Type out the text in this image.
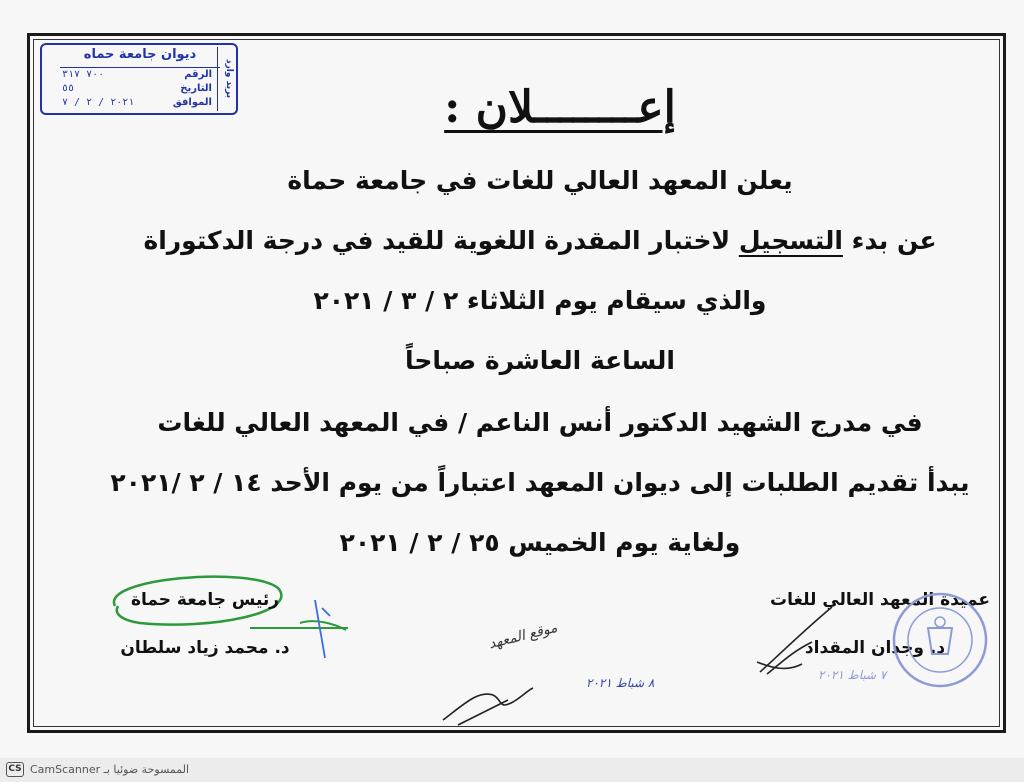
ديوان جامعة حماه
بريد وارد
الرقم
٧٠٠ ٣١٧
التاريخ
٥٥
الموافق
٢٠٢١ / ٢ / ٧	إعــــــــلان :
يعلن المعهد العالي للغات في جامعة حماة
عن بدء التسجيل لاختبار المقدرة اللغوية للقيد في درجة الدكتوراة
والذي سيقام يوم الثلاثاء ٢ / ٣ / ٢٠٢١
الساعة العاشرة صباحاً
في مدرج الشهيد الدكتور أنس الناعم / في المعهد العالي للغات
يبدأ تقديم الطلبات إلى ديوان المعهد اعتباراً من يوم الأحد ١٤ / ٢ /٢٠٢١
ولغاية يوم الخميس ٢٥ / ٢ / ٢٠٢١
رئيس جامعة حماة
د. محمد زياد سلطان	موقع المعهد
٨ شباط ٢٠٢١
عميدة المعهد العالي للغات
د. وجدان المقداد
٧ شباط ٢٠٢١
CS الممسوحة ضوئيا بـ CamScanner
